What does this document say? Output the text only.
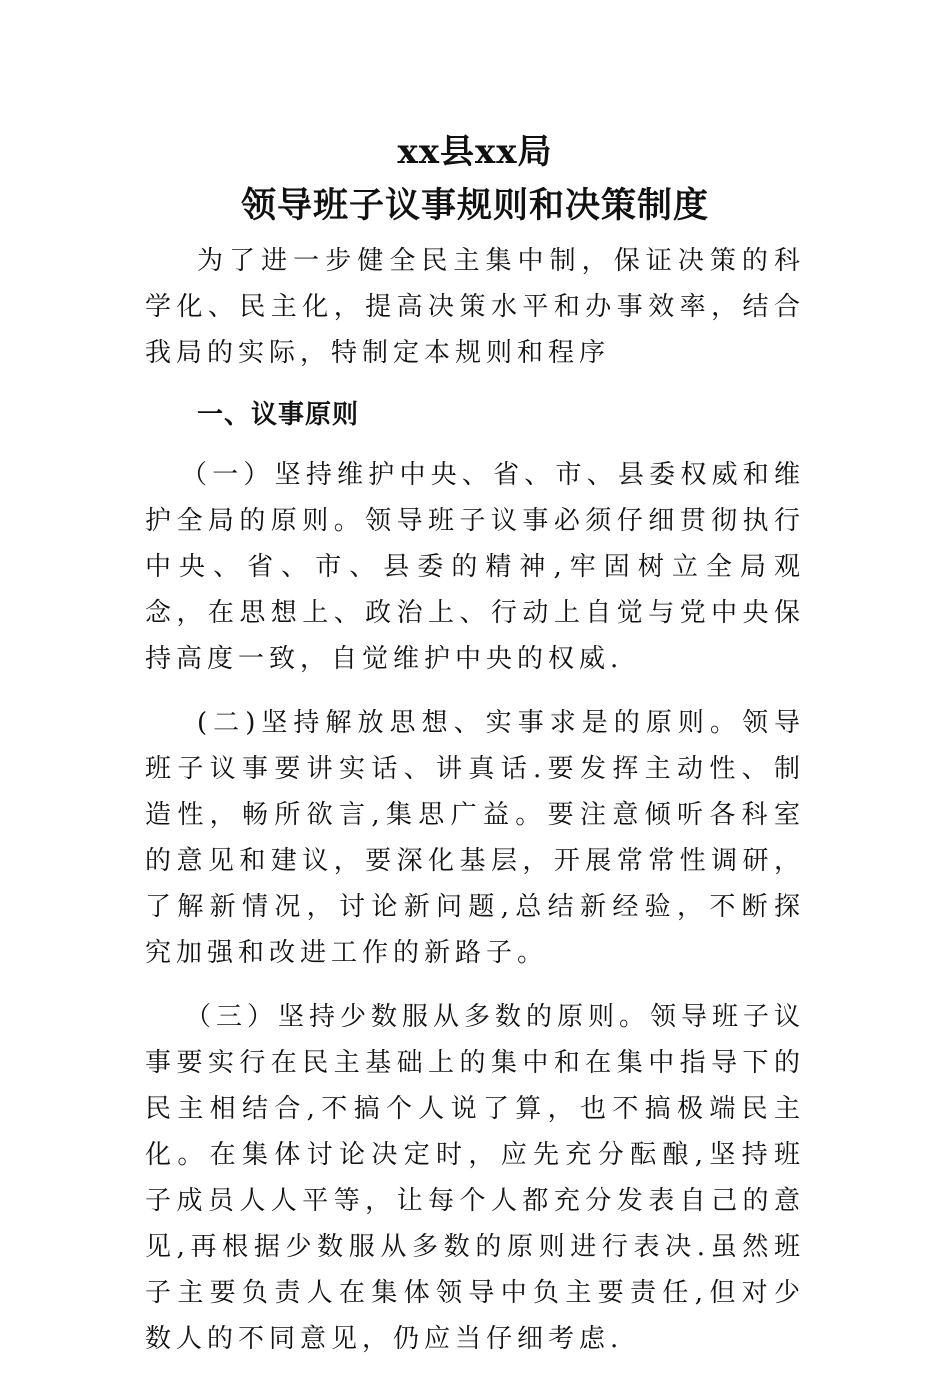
xx县xx局
领导班子议事规则和决策制度

为了进一步健全民主集中制，保证决策的科学化、民主化，提高决策水平和办事效率，结合我局的实际，特制定本规则和程序

一、议事原则

（一）坚持维护中央、省、市、县委权威和维护全局的原则。领导班子议事必须仔细贯彻执行中央、省、市、县委的精神,牢固树立全局观念，在思想上、政治上、行动上自觉与党中央保持高度一致，自觉维护中央的权威.

(二)坚持解放思想、实事求是的原则。领导班子议事要讲实话、讲真话.要发挥主动性、制造性，畅所欲言,集思广益。要注意倾听各科室的意见和建议，要深化基层，开展常常性调研，了解新情况，讨论新问题,总结新经验，不断探究加强和改进工作的新路子。

（三）坚持少数服从多数的原则。领导班子议事要实行在民主基础上的集中和在集中指导下的民主相结合,不搞个人说了算，也不搞极端民主化。在集体讨论决定时，应先充分酝酿,坚持班子成员人人平等，让每个人都充分发表自己的意见,再根据少数服从多数的原则进行表决.虽然班子主要负责人在集体领导中负主要责任,但对少数人的不同意见，仍应当仔细考虑.
